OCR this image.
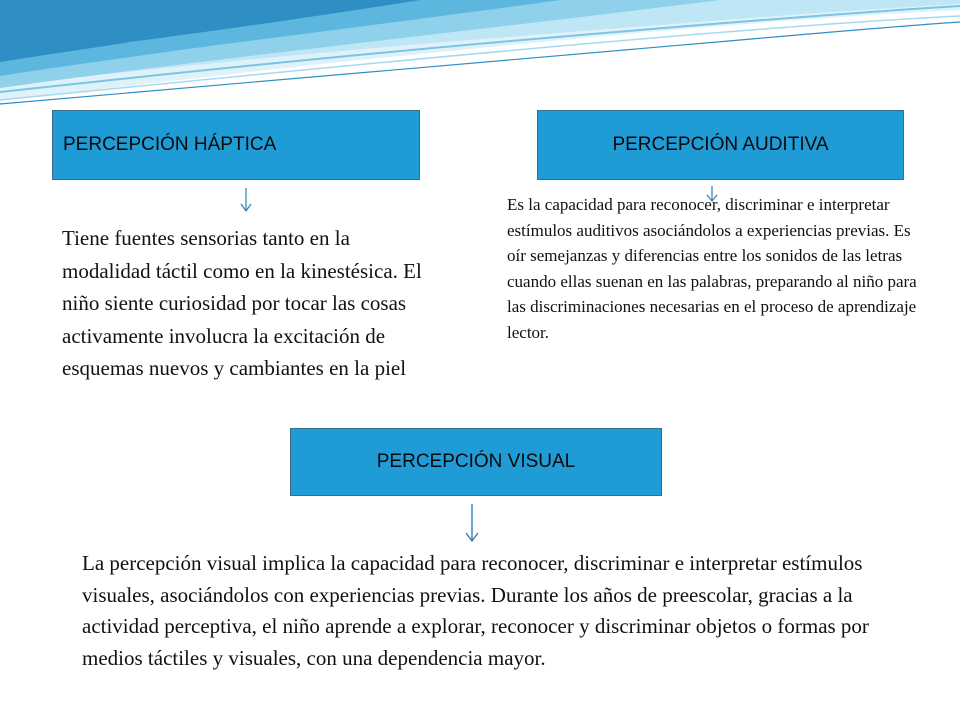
PERCEPCIÓN HÁPTICA	PERCEPCIÓN AUDITIVA
Tiene fuentes sensorias tanto en la modalidad táctil como en la kinestésica. El niño siente curiosidad por tocar las cosas activamente involucra la excitación de esquemas nuevos y cambiantes en la piel
Es la capacidad para reconocer, discriminar e interpretar estímulos auditivos asociándolos a experiencias previas. Es oír semejanzas y diferencias entre los sonidos de las letras cuando ellas suenan en las palabras, preparando al niño para las discriminaciones necesarias en el proceso de aprendizaje lector.
PERCEPCIÓN VISUAL
La percepción visual implica la capacidad para reconocer, discriminar e interpretar estímulos visuales, asociándolos con experiencias previas. Durante los años de preescolar, gracias a la actividad perceptiva, el niño aprende a explorar, reconocer y discriminar objetos o formas por medios táctiles y visuales, con una dependencia mayor.
